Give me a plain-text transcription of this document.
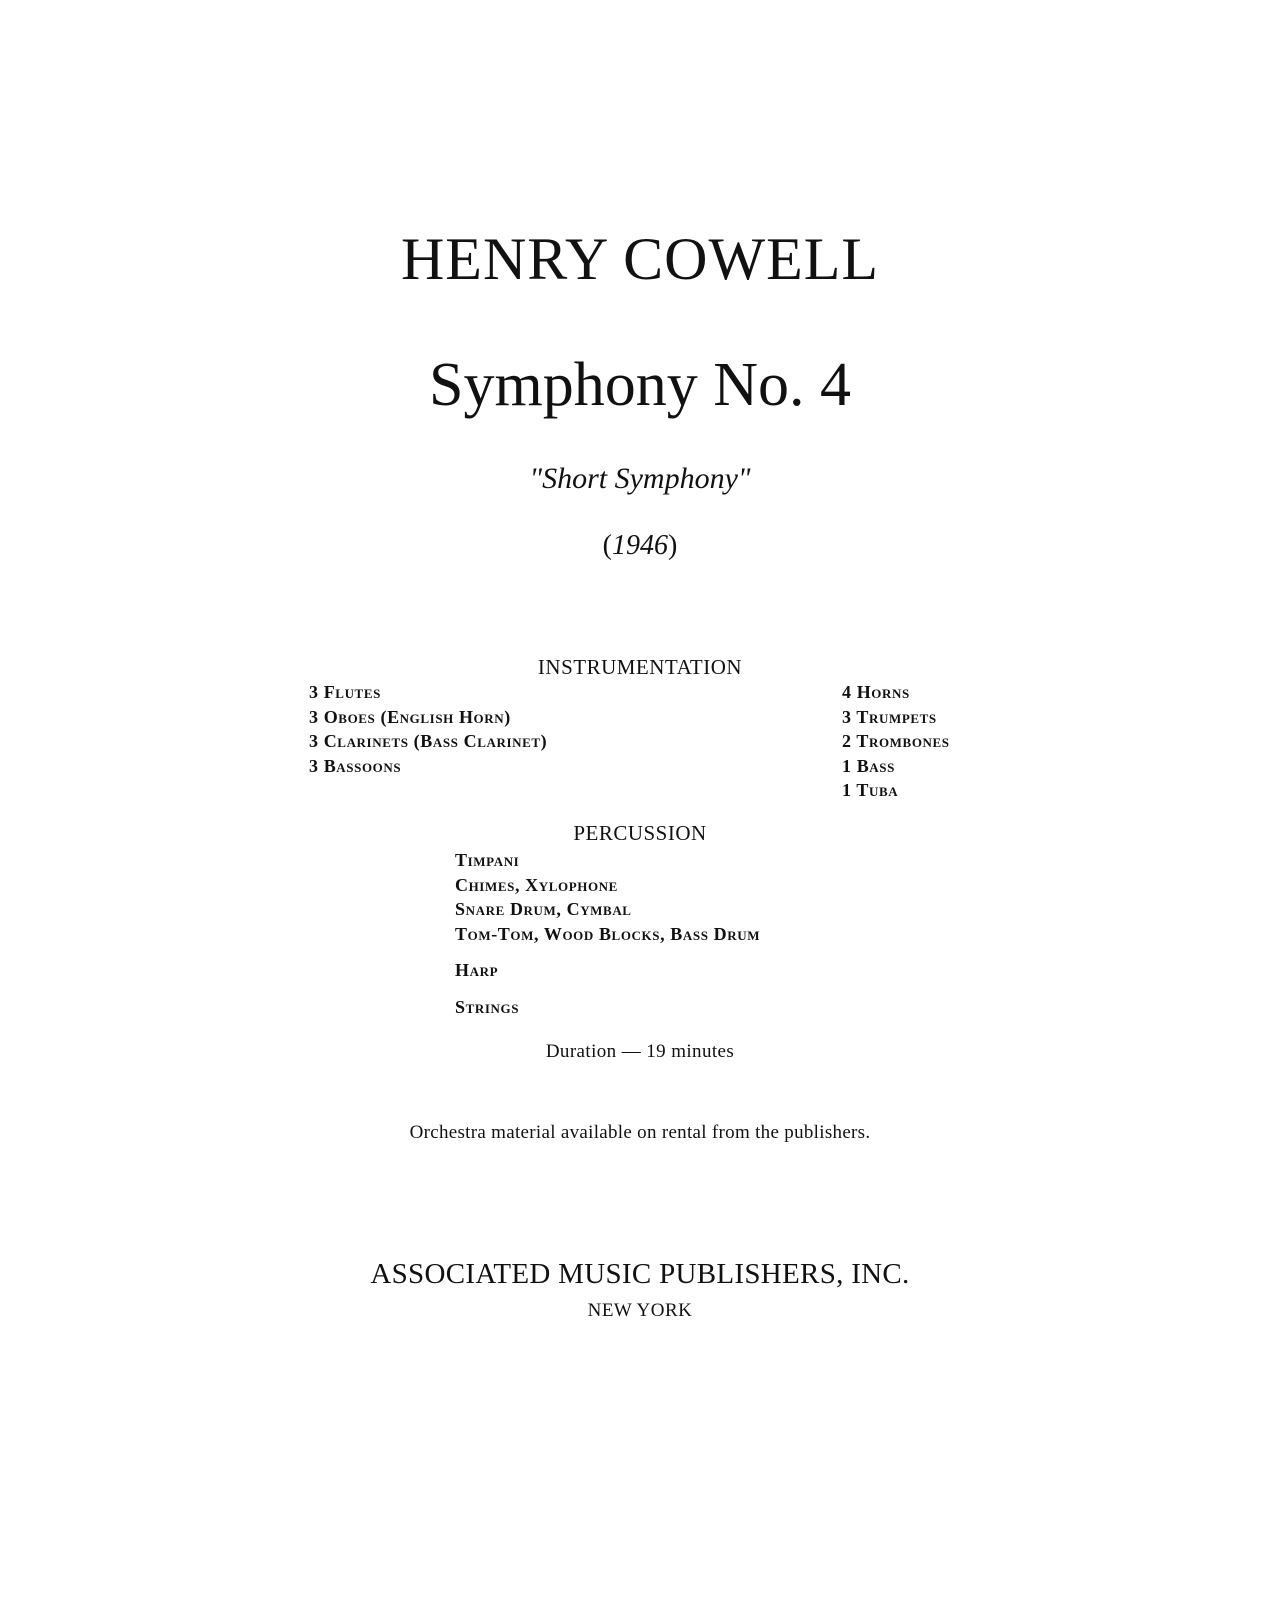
HENRY COWELL
Symphony No. 4
"Short Symphony"
(1946)
INSTRUMENTATION
3 Flutes
3 Oboes (English Horn)
3 Clarinets (Bass Clarinet)
3 Bassoons
4 Horns
3 Trumpets
2 Trombones
1 Bass
1 Tuba
PERCUSSION
Timpani
Chimes, Xylophone
Snare Drum, Cymbal
Tom-Tom, Wood Blocks, Bass Drum
Harp
Strings
Duration — 19 minutes
Orchestra material available on rental from the publishers.
ASSOCIATED MUSIC PUBLISHERS, INC.
NEW YORK
